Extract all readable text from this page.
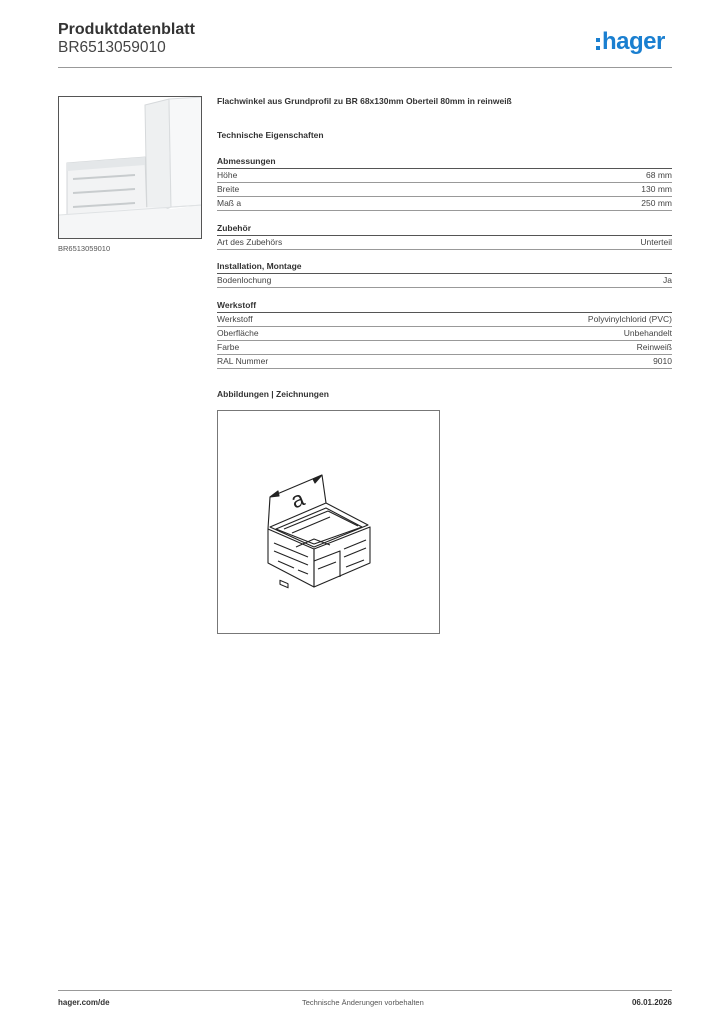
Produktdatenblatt
BR6513059010	hager
BR6513059010
Flachwinkel aus Grundprofil zu BR 68x130mm Oberteil 80mm in reinweiß
Technische Eigenschaften
Abmessungen
Höhe	68 mm
Breite	130 mm
Maß a	250 mm
Zubehör
Art des Zubehörs	Unterteil
Installation, Montage
Bodenlochung	Ja
Werkstoff
Werkstoff	Polyvinylchlorid (PVC)
Oberfläche	Unbehandelt
Farbe	Reinweiß
RAL Nummer	9010
Abbildungen | Zeichnungen
a
hager.com/de	Technische Änderungen vorbehalten	06.01.2026
